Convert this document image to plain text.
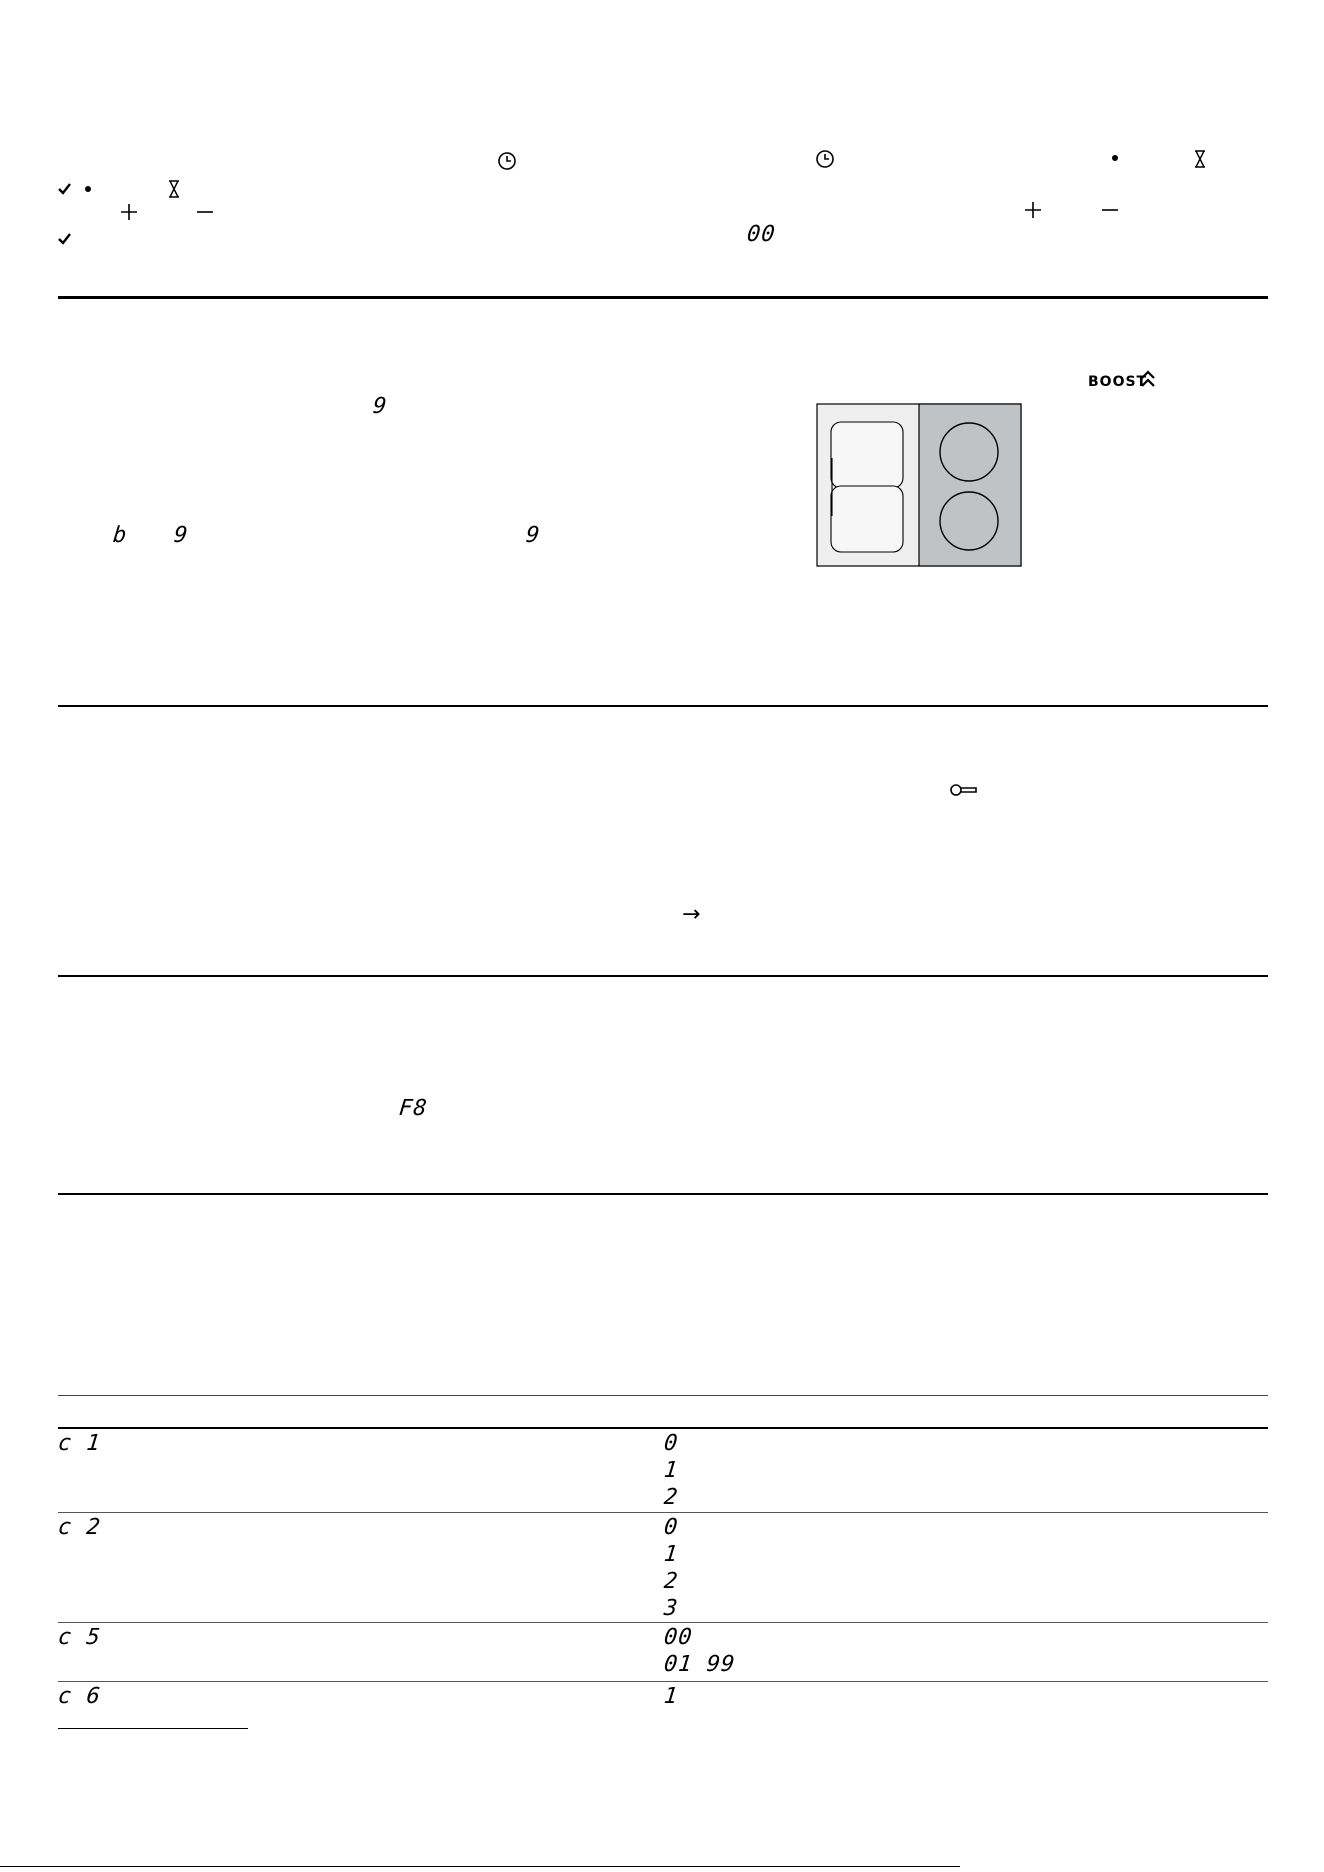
00
9
b 9	9
BOOST
→
F8
c 1	0
1
2
c 2	0
1
2
3
c 5	00
01 99
c 6	1
